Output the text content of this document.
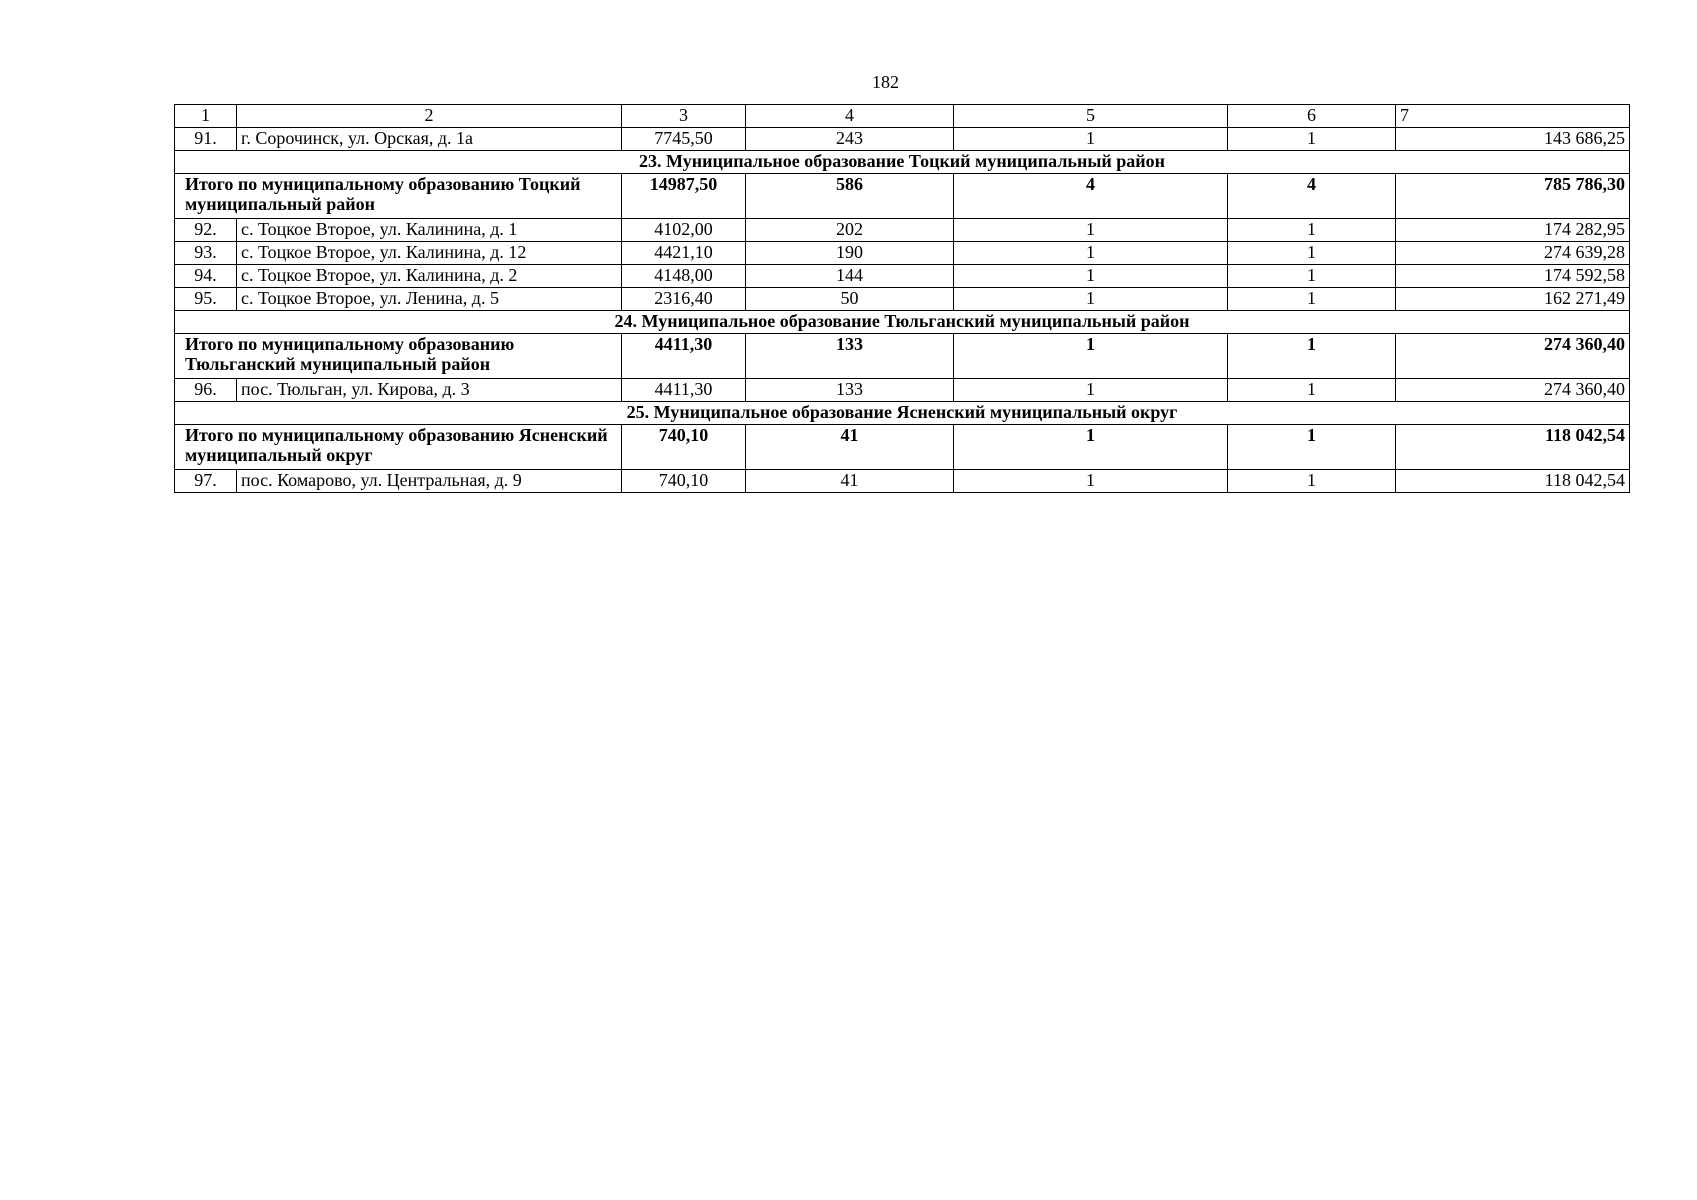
182
1	2	3	4	5	6	7
91.	г. Сорочинск, ул. Орская, д. 1а	7745,50	243	1	1	143 686,25
23. Муниципальное образование Тоцкий муниципальный район						
Итого по муниципальному образованию Тоцкий муниципальный район		14987,50	586	4	4	785 786,30
92.	с. Тоцкое Второе, ул. Калинина, д. 1	4102,00	202	1	1	174 282,95
93.	с. Тоцкое Второе, ул. Калинина, д. 12	4421,10	190	1	1	274 639,28
94.	с. Тоцкое Второе, ул. Калинина, д. 2	4148,00	144	1	1	174 592,58
95.	с. Тоцкое Второе, ул. Ленина, д. 5	2316,40	50	1	1	162 271,49
24. Муниципальное образование Тюльганский муниципальный район						
Итого по муниципальному образованию Тюльганский муниципальный район		4411,30	133	1	1	274 360,40
96.	пос. Тюльган, ул. Кирова, д. 3	4411,30	133	1	1	274 360,40
25. Муниципальное образование Ясненский муниципальный округ						
Итого по муниципальному образованию Ясненский муниципальный округ		740,10	41	1	1	118 042,54
97.	пос. Комарово, ул. Центральная, д. 9	740,10	41	1	1	118 042,54
